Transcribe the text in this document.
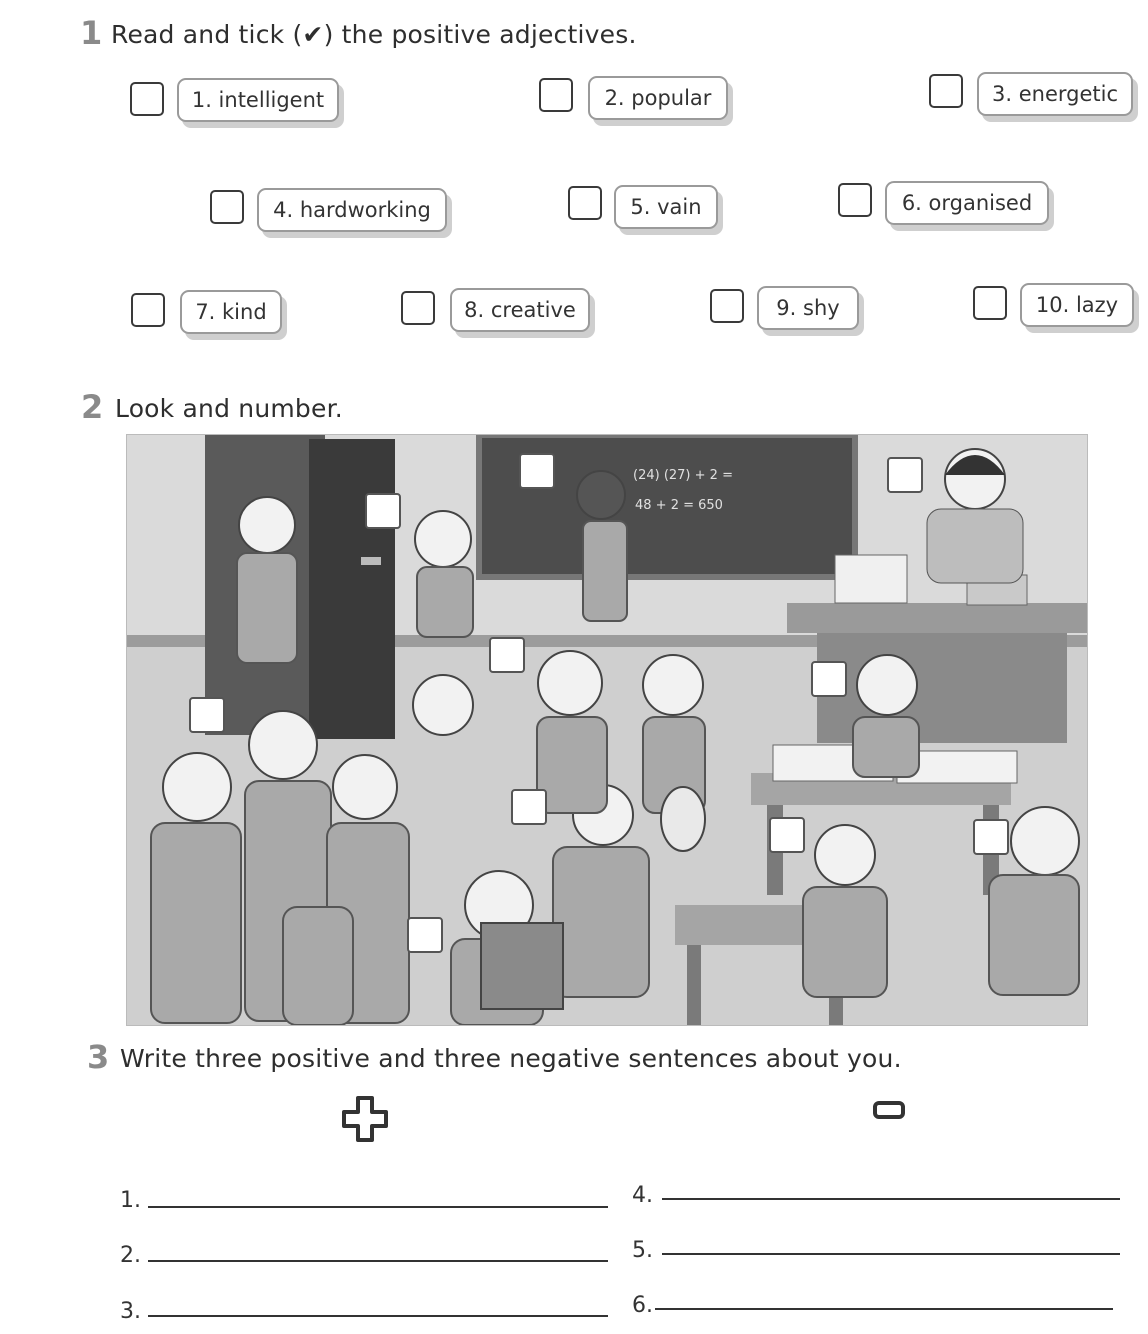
1 Read and tick (✔) the positive adjectives.
1. intelligent	2. popular	3. energetic
4. hardworking	5. vain	6. organised
7. kind	8. creative	9. shy	10. lazy
2 Look and number.
(24) (27) + 2 =
48 + 2 = 650
3 Write three positive and three negative sentences about you.
1.
2.
3.
4.
5.
6.
